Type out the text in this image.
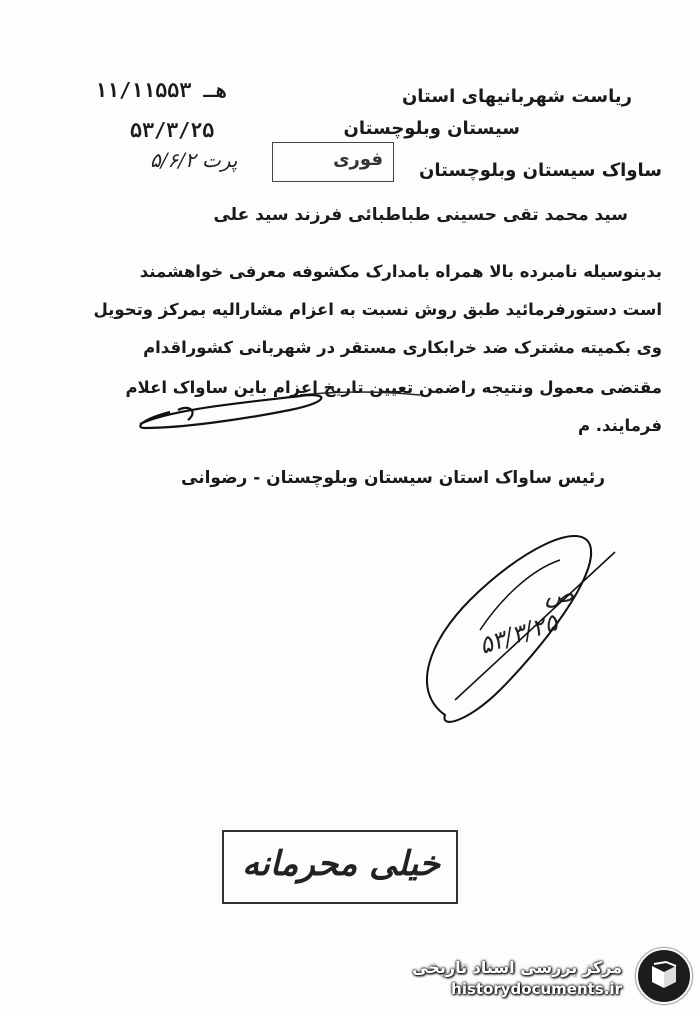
۱۱/۱۱۵۵۳ هـ
۵۳/۳/۲۵
ریاست شهربانیهای استان
سیستان وبلوچستان
ساواک سیستان وبلوچستان
فوری
پرت ۵/۶/۲
سید محمد تقی حسینی طباطبائی فرزند سید علی
بدینوسیله نامبرده بالا همراه بامدارک مکشوفه معرفی خواهشمند
است دستورفرمائید طبق روش نسبت به اعزام مشارالیه بمرکز وتحویل
وی بکمیته مشترک ضد خرابکاری مستقر در شهربانی کشوراقدام
مقتضی معمول ونتیجه راضمن تعیین تاریخ اعزام باین ساواک اعلام
فرمایند. م
رئیس ساواک استان سیستان وبلوچستان - رضوانی
ص
۵۳/۳/۲۵
خیلی محرمانه
مرکز بررسی اسناد تاریخی
historydocuments.ir
